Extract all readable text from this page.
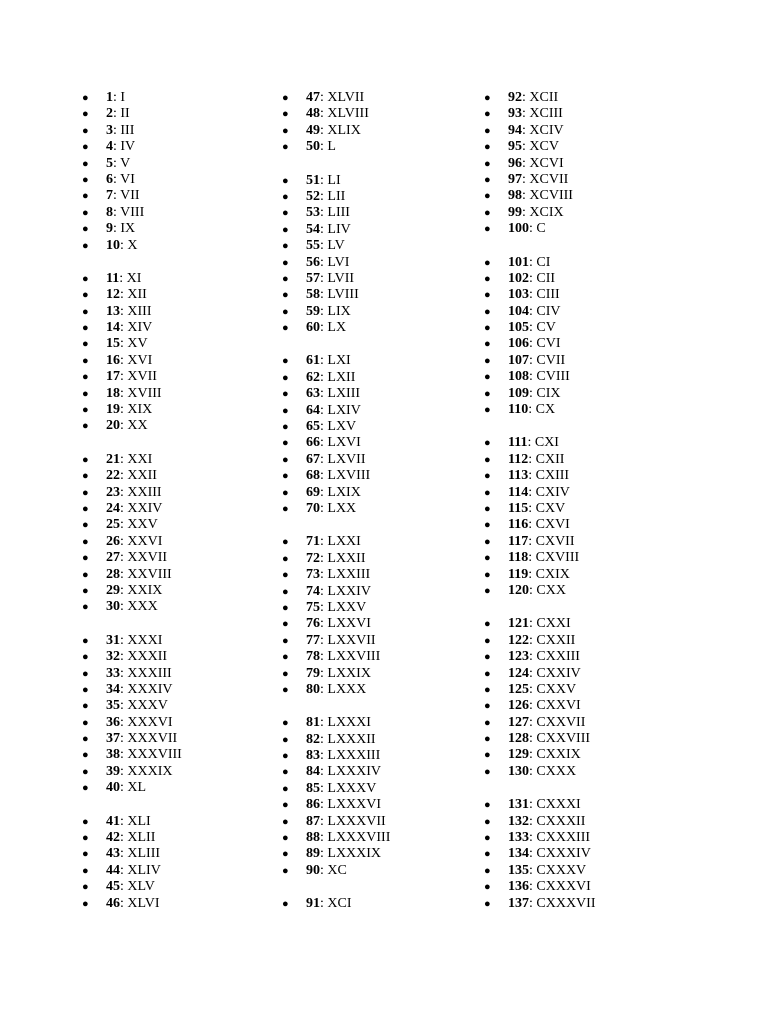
● 1: I
● 2: II
● 3: III
● 4: IV
● 5: V
● 6: VI
● 7: VII
● 8: VIII
● 9: IX
● 10: X
● 11: XI
● 12: XII
● 13: XIII
● 14: XIV
● 15: XV
● 16: XVI
● 17: XVII
● 18: XVIII
● 19: XIX
● 20: XX
● 21: XXI
● 22: XXII
● 23: XXIII
● 24: XXIV
● 25: XXV
● 26: XXVI
● 27: XXVII
● 28: XXVIII
● 29: XXIX
● 30: XXX
● 31: XXXI
● 32: XXXII
● 33: XXXIII
● 34: XXXIV
● 35: XXXV
● 36: XXXVI
● 37: XXXVII
● 38: XXXVIII
● 39: XXXIX
● 40: XL
● 41: XLI
● 42: XLII
● 43: XLIII
● 44: XLIV
● 45: XLV
● 46: XLVI
● 47: XLVII
● 48: XLVIII
● 49: XLIX
● 50: L
● 51: LI
● 52: LII
● 53: LIII
● 54: LIV
● 55: LV
● 56: LVI
● 57: LVII
● 58: LVIII
● 59: LIX
● 60: LX
● 61: LXI
● 62: LXII
● 63: LXIII
● 64: LXIV
● 65: LXV
● 66: LXVI
● 67: LXVII
● 68: LXVIII
● 69: LXIX
● 70: LXX
● 71: LXXI
● 72: LXXII
● 73: LXXIII
● 74: LXXIV
● 75: LXXV
● 76: LXXVI
● 77: LXXVII
● 78: LXXVIII
● 79: LXXIX
● 80: LXXX
● 81: LXXXI
● 82: LXXXII
● 83: LXXXIII
● 84: LXXXIV
● 85: LXXXV
● 86: LXXXVI
● 87: LXXXVII
● 88: LXXXVIII
● 89: LXXXIX
● 90: XC
● 91: XCI
● 92: XCII
● 93: XCIII
● 94: XCIV
● 95: XCV
● 96: XCVI
● 97: XCVII
● 98: XCVIII
● 99: XCIX
● 100: C
● 101: CI
● 102: CII
● 103: CIII
● 104: CIV
● 105: CV
● 106: CVI
● 107: CVII
● 108: CVIII
● 109: CIX
● 110: CX
● 111: CXI
● 112: CXII
● 113: CXIII
● 114: CXIV
● 115: CXV
● 116: CXVI
● 117: CXVII
● 118: CXVIII
● 119: CXIX
● 120: CXX
● 121: CXXI
● 122: CXXII
● 123: CXXIII
● 124: CXXIV
● 125: CXXV
● 126: CXXVI
● 127: CXXVII
● 128: CXXVIII
● 129: CXXIX
● 130: CXXX
● 131: CXXXI
● 132: CXXXII
● 133: CXXXIII
● 134: CXXXIV
● 135: CXXXV
● 136: CXXXVI
● 137: CXXXVII
